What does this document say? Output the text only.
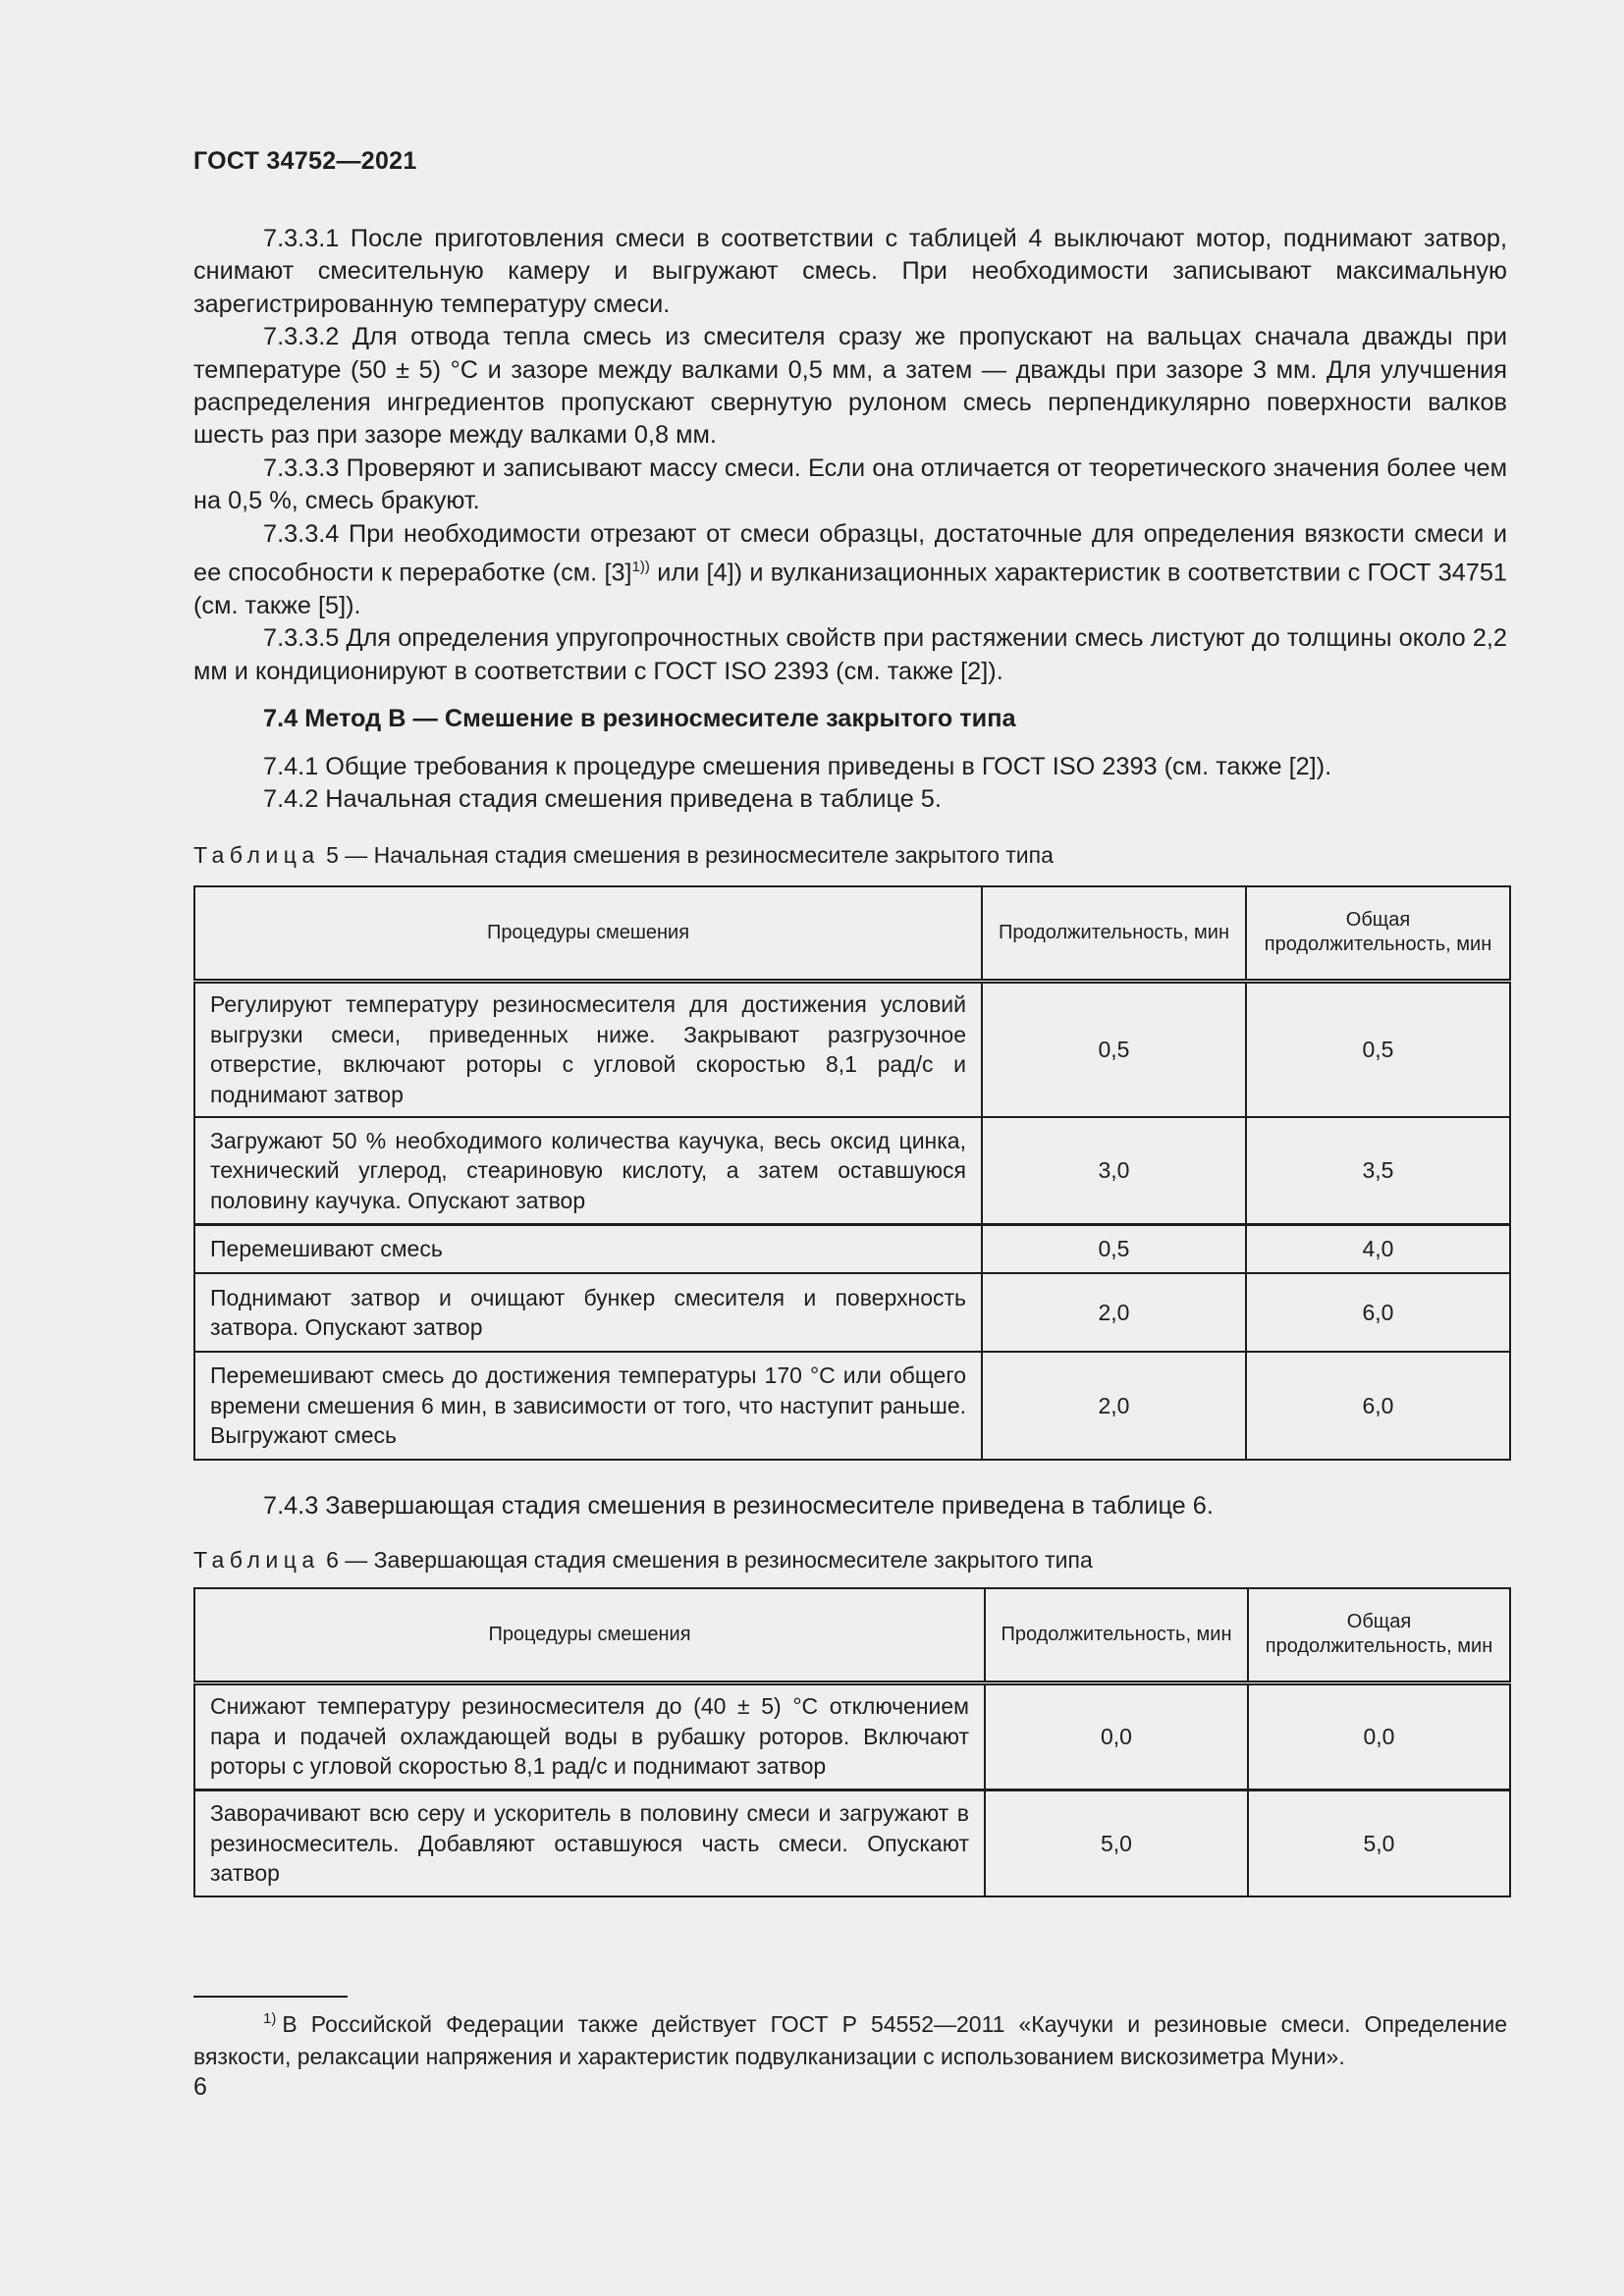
ГОСТ 34752—2021

7.3.3.1 После приготовления смеси в соответствии с таблицей 4 выключают мотор, поднимают затвор, снимают смесительную камеру и выгружают смесь. При необходимости записывают максимальную зарегистрированную температуру смеси.

7.3.3.2 Для отвода тепла смесь из смесителя сразу же пропускают на вальцах сначала дважды при температуре (50 ± 5) °С и зазоре между валками 0,5 мм, а затем — дважды при зазоре 3 мм. Для улучшения распределения ингредиентов пропускают свернутую рулоном смесь перпендикулярно поверхности валков шесть раз при зазоре между валками 0,8 мм.

7.3.3.3 Проверяют и записывают массу смеси. Если она отличается от теоретического значения более чем на 0,5 %, смесь бракуют.

7.3.3.4 При необходимости отрезают от смеси образцы, достаточные для определения вязкости смеси и ее способности к переработке (см. $[3]^{1))}$ или [4]) и вулканизационных характеристик в соответствии с ГОСТ 34751 (см. также [5]).

7.3.3.5 Для определения упругопрочностных свойств при растяжении смесь листуют до толщины около 2,2 мм и кондиционируют в соответствии с ГОСТ ISO 2393 (см. также [2]).

7.4 Метод В — Смешение в резиносмесителе закрытого типа

7.4.1 Общие требования к процедуре смешения приведены в ГОСТ ISO 2393 (см. также [2]).

7.4.2 Начальная стадия смешения приведена в таблице 5.

Таблица 5 — Начальная стадия смешения в резиносмесителе закрытого типа
Процедуры смешения	Продолжительность, мин	Общая продолжительность, мин
Регулируют температуру резиносмесителя для достижения условий выгрузки смеси, приведенных ниже. Закрывают разгрузочное отверстие, включают роторы с угловой скоростью 8,1 рад/с и поднимают затвор	0,5	0,5
Загружают 50 % необходимого количества каучука, весь оксид цинка, технический углерод, стеариновую кислоту, а затем оставшуюся половину каучука. Опускают затвор	3,0	3,5
Перемешивают смесь	0,5	4,0
Поднимают затвор и очищают бункер смесителя и поверхность затвора. Опускают затвор	2,0	6,0
Перемешивают смесь до достижения температуры 170 °С или общего времени смешения 6 мин, в зависимости от того, что наступит раньше. Выгружают смесь	2,0	6,0
7.4.3 Завершающая стадия смешения в резиносмесителе приведена в таблице 6.
Таблица 6 — Завершающая стадия смешения в резиносмесителе закрытого типа
Процедуры смешения	Продолжительность, мин	Общая продолжительность, мин
Снижают температуру резиносмесителя до (40 ± 5) °С отключением пара и подачей охлаждающей воды в рубашку роторов. Включают роторы с угловой скоростью 8,1 рад/с и поднимают затвор	0,0	0,0
Заворачивают всю серу и ускоритель в половину смеси и загружают в резиносмеситель. Добавляют оставшуюся часть смеси. Опускают затвор	5,0	5,0
1) В Российской Федерации также действует ГОСТ Р 54552—2011 «Каучуки и резиновые смеси. Определение вязкости, релаксации напряжения и характеристик подвулканизации с использованием вискозиметра Муни».
6
